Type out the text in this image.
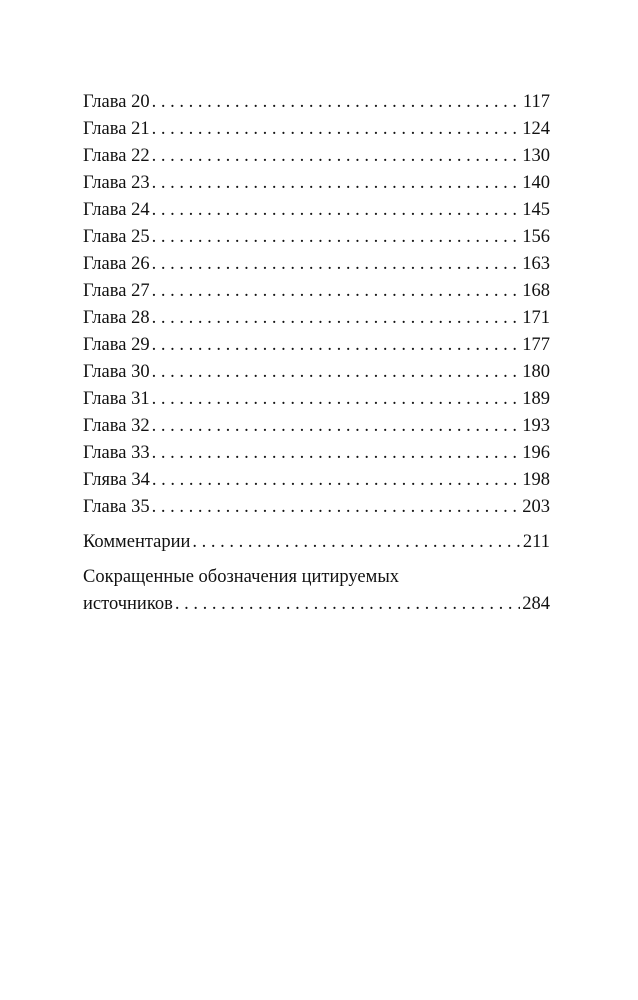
Глава 20 . . .	117
Глава 21 . . .	124
Глава 22 . . .	130
Глава 23 . . .	140
Глава 24 . . .	145
Глава 25 . . .	156
Глава 26 . . .	163
Глава 27 . . .	168
Глава 28 . . .	171
Глава 29 . . .	177
Глава 30 . . .	180
Глава 31 . . .	189
Глава 32 . . .	193
Глава 33 . . .	196
Глява 34 . . .	198
Глава 35 . . .	203
Комментарии . . .	211
Сокращенные обозначения цитируемых
источников . . .	284
